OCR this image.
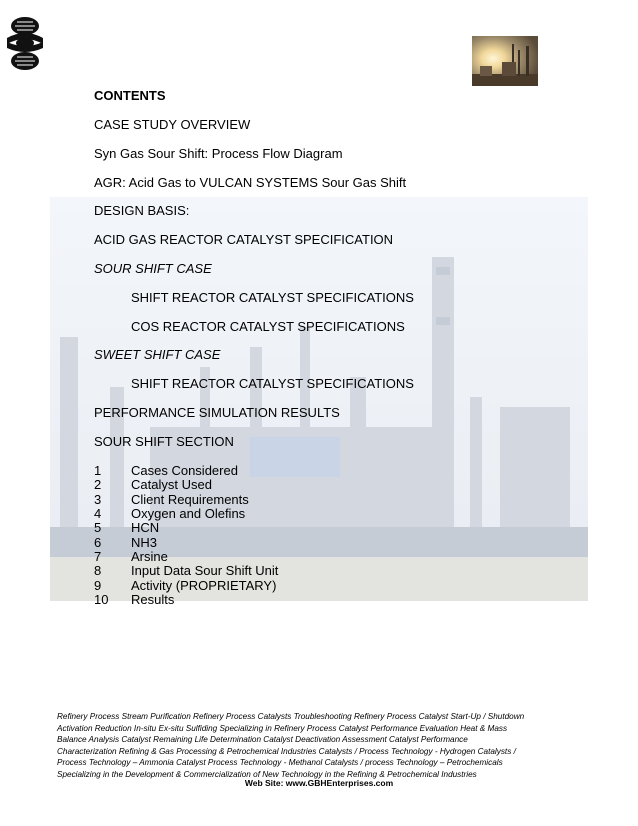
CONTENTS
CASE STUDY OVERVIEW
Syn Gas Sour Shift: Process Flow Diagram
AGR: Acid Gas to VULCAN SYSTEMS Sour Gas Shift
DESIGN BASIS:
ACID GAS REACTOR CATALYST SPECIFICATION
SOUR SHIFT CASE
SHIFT REACTOR CATALYST SPECIFICATIONS
COS REACTOR CATALYST SPECIFICATIONS
SWEET SHIFT CASE
SHIFT REACTOR CATALYST SPECIFICATIONS
PERFORMANCE SIMULATION RESULTS
SOUR SHIFT SECTION
1 Cases Considered
2 Catalyst Used
3 Client Requirements
4 Oxygen and Olefins
5 HCN
6 NH3
7 Arsine
8 Input Data Sour Shift Unit
9 Activity (PROPRIETARY)
10 Results
Refinery Process Stream Purification Refinery Process Catalysts Troubleshooting Refinery Process Catalyst Start-Up / Shutdown
Activation Reduction In-situ Ex-situ Sulfiding Specializing in Refinery Process Catalyst Performance Evaluation Heat & Mass
Balance Analysis Catalyst Remaining Life Determination Catalyst Deactivation Assessment Catalyst Performance
Characterization Refining & Gas Processing & Petrochemical Industries Catalysts / Process Technology - Hydrogen Catalysts /
Process Technology – Ammonia Catalyst Process Technology - Methanol Catalysts / process Technology – Petrochemicals
Specializing in the Development & Commercialization of New Technology in the Refining & Petrochemical Industries
Web Site: www.GBHEnterprises.com
